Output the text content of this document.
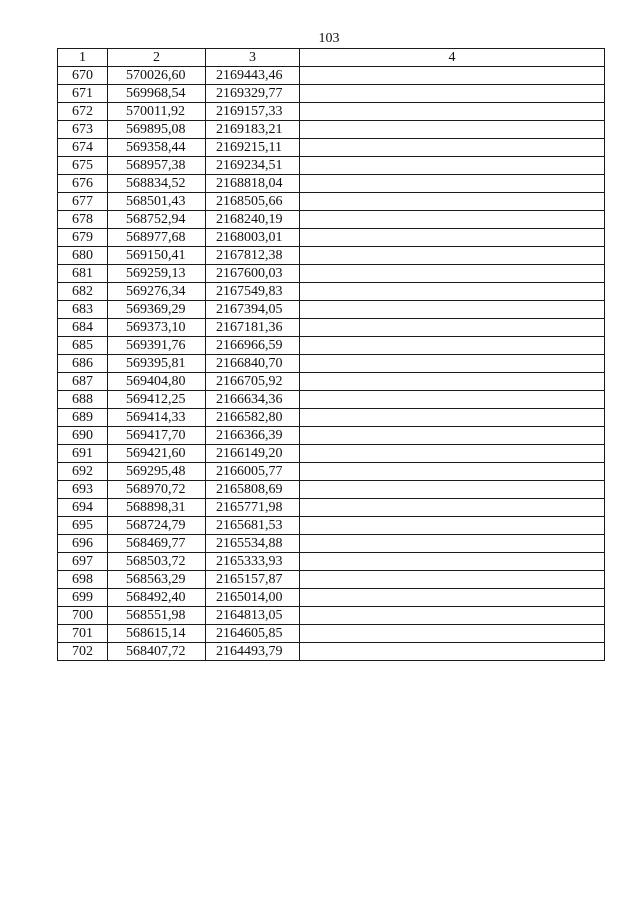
103
1	2	3	4
670	570026,60	2169443,46	
671	569968,54	2169329,77	
672	570011,92	2169157,33	
673	569895,08	2169183,21	
674	569358,44	2169215,11	
675	568957,38	2169234,51	
676	568834,52	2168818,04	
677	568501,43	2168505,66	
678	568752,94	2168240,19	
679	568977,68	2168003,01	
680	569150,41	2167812,38	
681	569259,13	2167600,03	
682	569276,34	2167549,83	
683	569369,29	2167394,05	
684	569373,10	2167181,36	
685	569391,76	2166966,59	
686	569395,81	2166840,70	
687	569404,80	2166705,92	
688	569412,25	2166634,36	
689	569414,33	2166582,80	
690	569417,70	2166366,39	
691	569421,60	2166149,20	
692	569295,48	2166005,77	
693	568970,72	2165808,69	
694	568898,31	2165771,98	
695	568724,79	2165681,53	
696	568469,77	2165534,88	
697	568503,72	2165333,93	
698	568563,29	2165157,87	
699	568492,40	2165014,00	
700	568551,98	2164813,05	
701	568615,14	2164605,85	
702	568407,72	2164493,79	
